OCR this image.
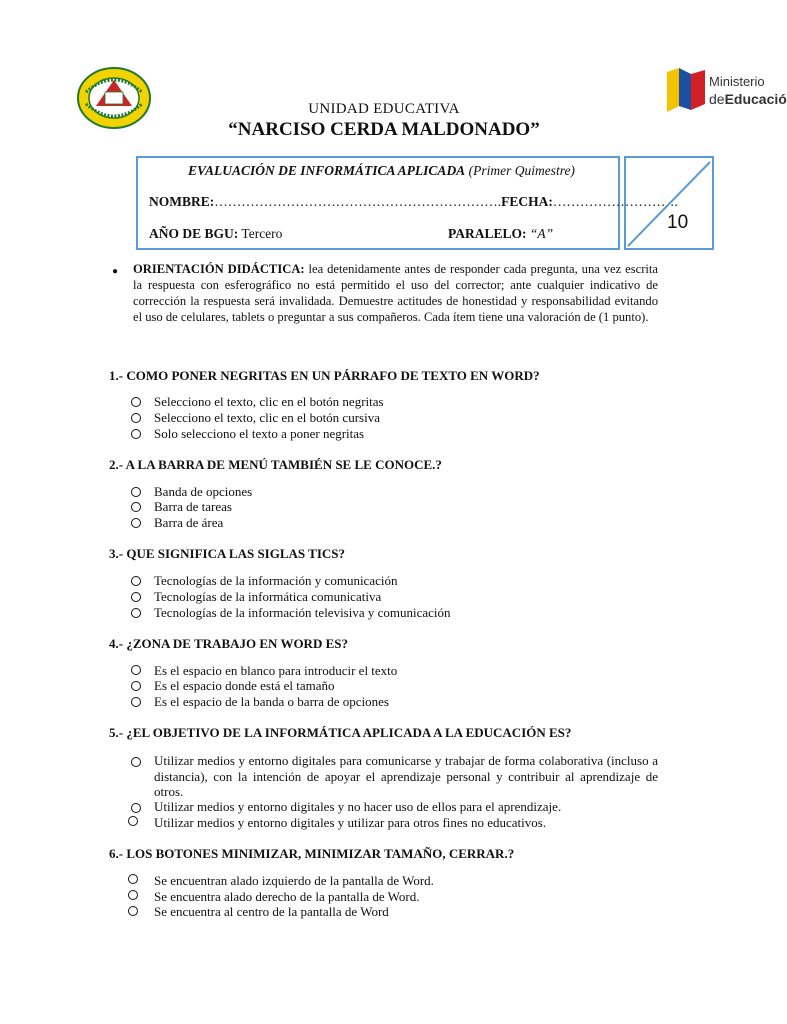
Ministerio
deEducació
UNIDAD EDUCATIVA
“NARCISO CERDA MALDONADO”
EVALUACIÓN DE INFORMÁTICA APLICADA (Primer Quimestre)
NOMBRE:……………………………………………………….FECHA:……………………….
AÑO DE BGU: Tercero	PARALELO: “A”
10
● ORIENTACIÓN DIDÁCTICA: lea detenidamente antes de responder cada pregunta, una vez escrita la respuesta con esferográfico no está permitido el uso del corrector; ante cualquier indicativo de corrección la respuesta será invalidada. Demuestre actitudes de honestidad y responsabilidad evitando el uso de celulares, tablets o preguntar a sus compañeros. Cada ítem tiene una valoración de (1 punto).
1.- COMO PONER NEGRITAS EN UN PÁRRAFO DE TEXTO EN WORD?
Selecciono el texto, clic en el botón negritas
Selecciono el texto, clic en el botón cursiva
Solo selecciono el texto a poner negritas
2.- A LA BARRA DE MENÚ TAMBIÉN SE LE CONOCE.?
Banda de opciones
Barra de tareas
Barra de área
3.- QUE SIGNIFICA LAS SIGLAS TICS?
Tecnologías de la información y comunicación
Tecnologías de la informática comunicativa
Tecnologías de la información televisiva y comunicación
4.- ¿ZONA DE TRABAJO EN WORD ES?
Es el espacio en blanco para introducir el texto
Es el espacio donde está el tamaño
Es el espacio de la banda o barra de opciones
5.- ¿EL OBJETIVO DE LA INFORMÁTICA APLICADA A LA EDUCACIÓN ES?
Utilizar medios y entorno digitales para comunicarse y trabajar de forma colaborativa (incluso a distancia), con la intención de apoyar el aprendizaje personal y contribuir al aprendizaje de otros.
Utilizar medios y entorno digitales y no hacer uso de ellos para el aprendizaje.
Utilizar medios y entorno digitales y utilizar para otros fines no educativos.
6.- LOS BOTONES MINIMIZAR, MINIMIZAR TAMAÑO, CERRAR.?
Se encuentran alado izquierdo de la pantalla de Word.
Se encuentra alado derecho de la pantalla de Word.
Se encuentra al centro de la pantalla de Word
